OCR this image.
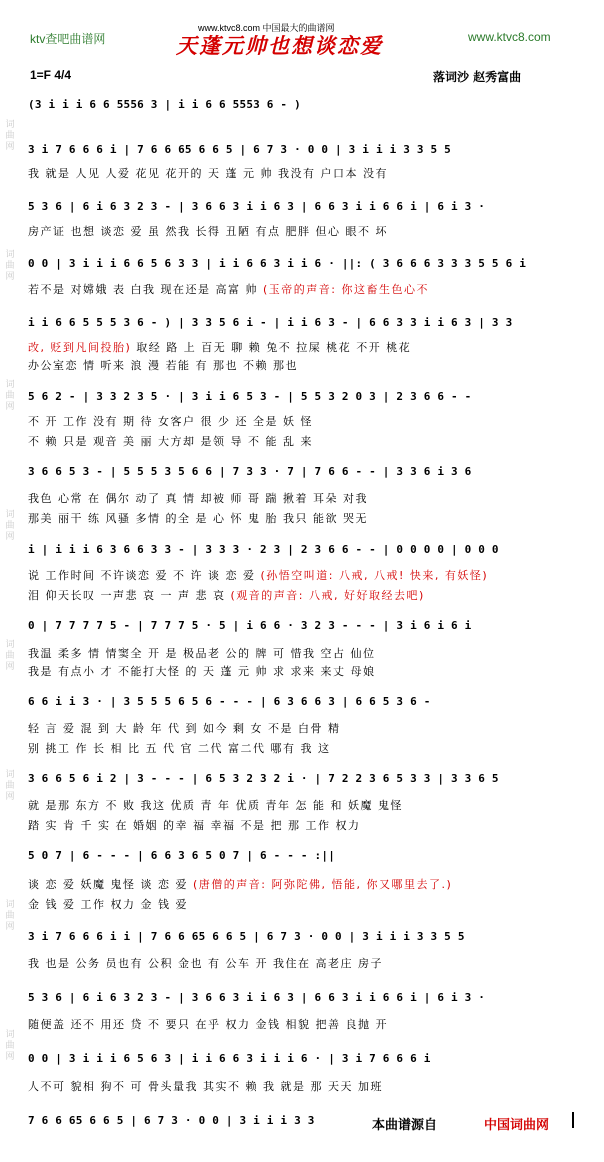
ktv查吧曲谱网
www.ktvc8.com 中国最大的曲谱网
天蓬元帅也想谈恋爱	www.ktvc8.com
1=F 4/4	落词沙 赵秀富曲
词曲网
词曲网
词曲网
词曲网
词曲网
词曲网
词曲网
词曲网
(3 i i i 6 6 5556 3 | i i 6 6 5553 6 - )
3 i 7 6 6 6 i | 7 6 6 65 6 6 5 | 6 7 3 · 0 0 | 3 i i i 3 3 5 5
我 就是 人见 人爱 花见 花开的 天 蓬 元 帅 我没有 户口本 没有
5 3 6 | 6 i 6 3 2 3 - | 3 6 6 3 i i 6 3 | 6 6 3 i i 6 6 i | 6 i 3 ·
房产证 也想 谈恋 爱 虽 然我 长得 丑陋 有点 肥胖 但心 眼不 坏
0 0 | 3 i i i 6 6 5 6 3 3 | i i 6 6 3 i i 6 · ||: ( 3 6 6 6 3 3 3 5 5 6 i
若不是 对嫦娥 表 白我 现在还是 高富 帅 (玉帝的声音: 你这畜生色心不
i i 6 6 5 5 5 3 6 - ) | 3 3 5 6 i - | i i 6 3 - | 6 6 3 3 i i 6 3 | 3 3
改, 贬到凡间投胎) 取经 路 上 百无 聊 赖 兔不 拉屎 桃花 不开 桃花
办公室恋 情 听来 浪 漫 若能 有 那也 不赖 那也
5 6 2 - | 3 3 2 3 5 · | 3 i i 6 5 3 - | 5 5 3 2 0 3 | 2 3 6 6 - -
不 开 工作 没有 期 待 女客户 很 少 还 全是 妖 怪
不 赖 只是 观音 美 丽 大方却 是领 导 不 能 乱 来
3 6 6 5 3 - | 5 5 5 3 5 6 6 | 7 3 3 · 7 | 7 6 6 - - | 3 3 6 i 3 6
我色 心常 在 偶尔 动了 真 情 却被 师 哥 踹 揪着 耳朵 对我
那美 丽干 练 风骚 多情 的全 是 心 怀 鬼 胎 我只 能欲 哭无
i | i i i 6 3 6 6 3 3 - | 3 3 3 · 2 3 | 2 3 6 6 - - | 0 0 0 0 | 0 0 0
说 工作时间 不许谈恋 爱 不 许 谈 恋 爱 (孙悟空叫道: 八戒, 八戒! 快来, 有妖怪)
泪 仰天长叹 一声悲 哀 一 声 悲 哀 (观音的声音: 八戒, 好好取经去吧)
0 | 7 7 7 7 5 - | 7 7 7 5 · 5 | i 6 6 · 3 2 3 - - - | 3 i 6 i 6 i
我温 柔多 情 情窦全 开 是 极品老 公的 牌 可 惜我 空占 仙位
我是 有点小 才 不能打大怪 的 天 蓬 元 帅 求 求来 来丈 母娘
6 6 i i 3 · | 3 5 5 5 6 5 6 - - - | 6 3 6 6 3 | 6 6 5 3 6 -
轻 言 爱 混 到 大 龄 年 代 到 如今 剩 女 不是 白骨 精
别 挑工 作 长 相 比 五 代 官 二代 富二代 哪有 我 这
3 6 6 5 6 i 2 | 3 - - - | 6 5 3 2 3 2 i · | 7 2 2 3 6 5 3 3 | 3 3 6 5
就 是那 东方 不 败 我这 优质 青 年 优质 青年 怎 能 和 妖魔 鬼怪
踏 实 肯 千 实 在 婚姻 的幸 福 幸福 不是 把 那 工作 权力
5 0 7 | 6 - - - | 6 6 3 6 5 0 7 | 6 - - - :||
谈 恋 爱 妖魔 鬼怪 谈 恋 爱 (唐僧的声音: 阿弥陀佛, 悟能, 你又哪里去了.)
金 钱 爱 工作 权力 金 钱 爱
3 i 7 6 6 6 i i | 7 6 6 65 6 6 5 | 6 7 3 · 0 0 | 3 i i i 3 3 5 5
我 也是 公务 员也有 公积 金也 有 公车 开 我住在 高老庄 房子
5 3 6 | 6 i 6 3 2 3 - | 3 6 6 3 i i 6 3 | 6 6 3 i i 6 6 i | 6 i 3 ·
随便盖 还不 用还 贷 不 要只 在乎 权力 金钱 相貌 把善 良抛 开
0 0 | 3 i i i 6 5 6 3 | i i 6 6 3 i i i 6 · | 3 i 7 6 6 6 i
人不可 貌相 狗不 可 骨头量我 其实不 赖 我 就是 那 天天 加班
7 6 6 65 6 6 5 | 6 7 3 · 0 0 | 3 i i i 3 3	本曲谱源自	中国词曲网
